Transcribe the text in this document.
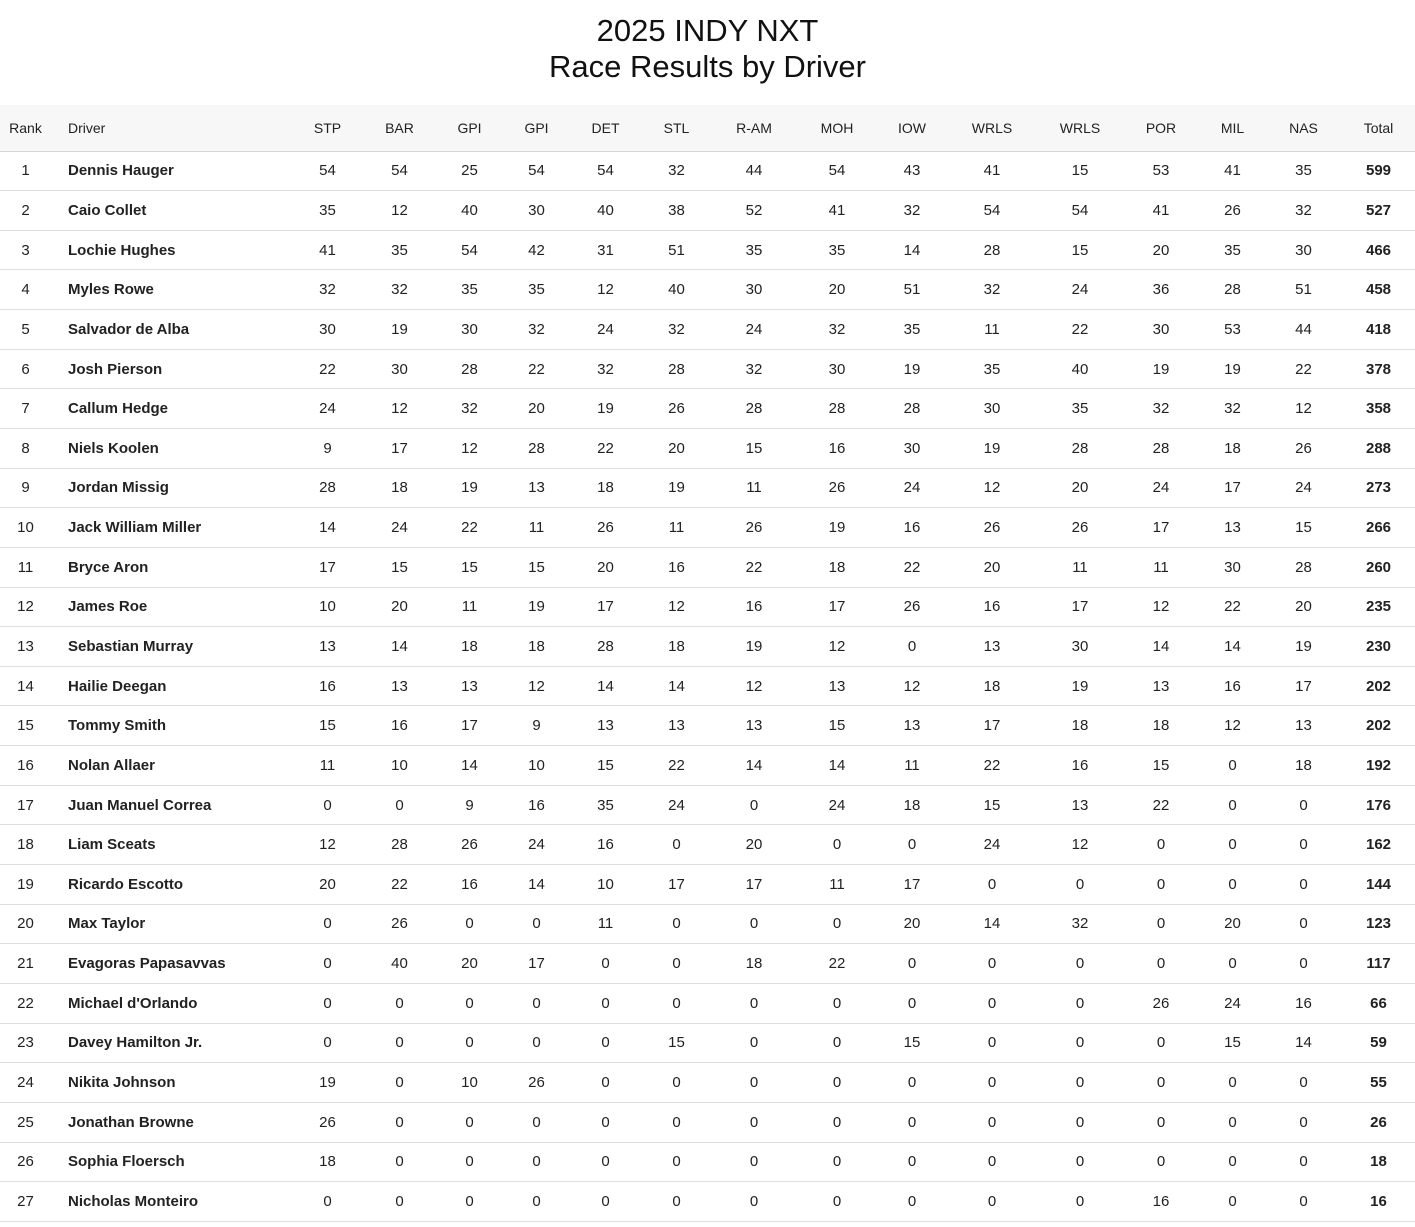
2025 INDY NXT
Race Results by Driver
Rank	Driver	STP	BAR	GPI	GPI	DET	STL	R-AM	MOH	IOW	WRLS	WRLS	POR	MIL	NAS	Total
1	Dennis Hauger	54	54	25	54	54	32	44	54	43	41	15	53	41	35	599
2	Caio Collet	35	12	40	30	40	38	52	41	32	54	54	41	26	32	527
3	Lochie Hughes	41	35	54	42	31	51	35	35	14	28	15	20	35	30	466
4	Myles Rowe	32	32	35	35	12	40	30	20	51	32	24	36	28	51	458
5	Salvador de Alba	30	19	30	32	24	32	24	32	35	11	22	30	53	44	418
6	Josh Pierson	22	30	28	22	32	28	32	30	19	35	40	19	19	22	378
7	Callum Hedge	24	12	32	20	19	26	28	28	28	30	35	32	32	12	358
8	Niels Koolen	9	17	12	28	22	20	15	16	30	19	28	28	18	26	288
9	Jordan Missig	28	18	19	13	18	19	11	26	24	12	20	24	17	24	273
10	Jack William Miller	14	24	22	11	26	11	26	19	16	26	26	17	13	15	266
11	Bryce Aron	17	15	15	15	20	16	22	18	22	20	11	11	30	28	260
12	James Roe	10	20	11	19	17	12	16	17	26	16	17	12	22	20	235
13	Sebastian Murray	13	14	18	18	28	18	19	12	0	13	30	14	14	19	230
14	Hailie Deegan	16	13	13	12	14	14	12	13	12	18	19	13	16	17	202
15	Tommy Smith	15	16	17	9	13	13	13	15	13	17	18	18	12	13	202
16	Nolan Allaer	11	10	14	10	15	22	14	14	11	22	16	15	0	18	192
17	Juan Manuel Correa	0	0	9	16	35	24	0	24	18	15	13	22	0	0	176
18	Liam Sceats	12	28	26	24	16	0	20	0	0	24	12	0	0	0	162
19	Ricardo Escotto	20	22	16	14	10	17	17	11	17	0	0	0	0	0	144
20	Max Taylor	0	26	0	0	11	0	0	0	20	14	32	0	20	0	123
21	Evagoras Papasavvas	0	40	20	17	0	0	18	22	0	0	0	0	0	0	117
22	Michael d'Orlando	0	0	0	0	0	0	0	0	0	0	0	26	24	16	66
23	Davey Hamilton Jr.	0	0	0	0	0	15	0	0	15	0	0	0	15	14	59
24	Nikita Johnson	19	0	10	26	0	0	0	0	0	0	0	0	0	0	55
25	Jonathan Browne	26	0	0	0	0	0	0	0	0	0	0	0	0	0	26
26	Sophia Floersch	18	0	0	0	0	0	0	0	0	0	0	0	0	0	18
27	Nicholas Monteiro	0	0	0	0	0	0	0	0	0	0	0	16	0	0	16
